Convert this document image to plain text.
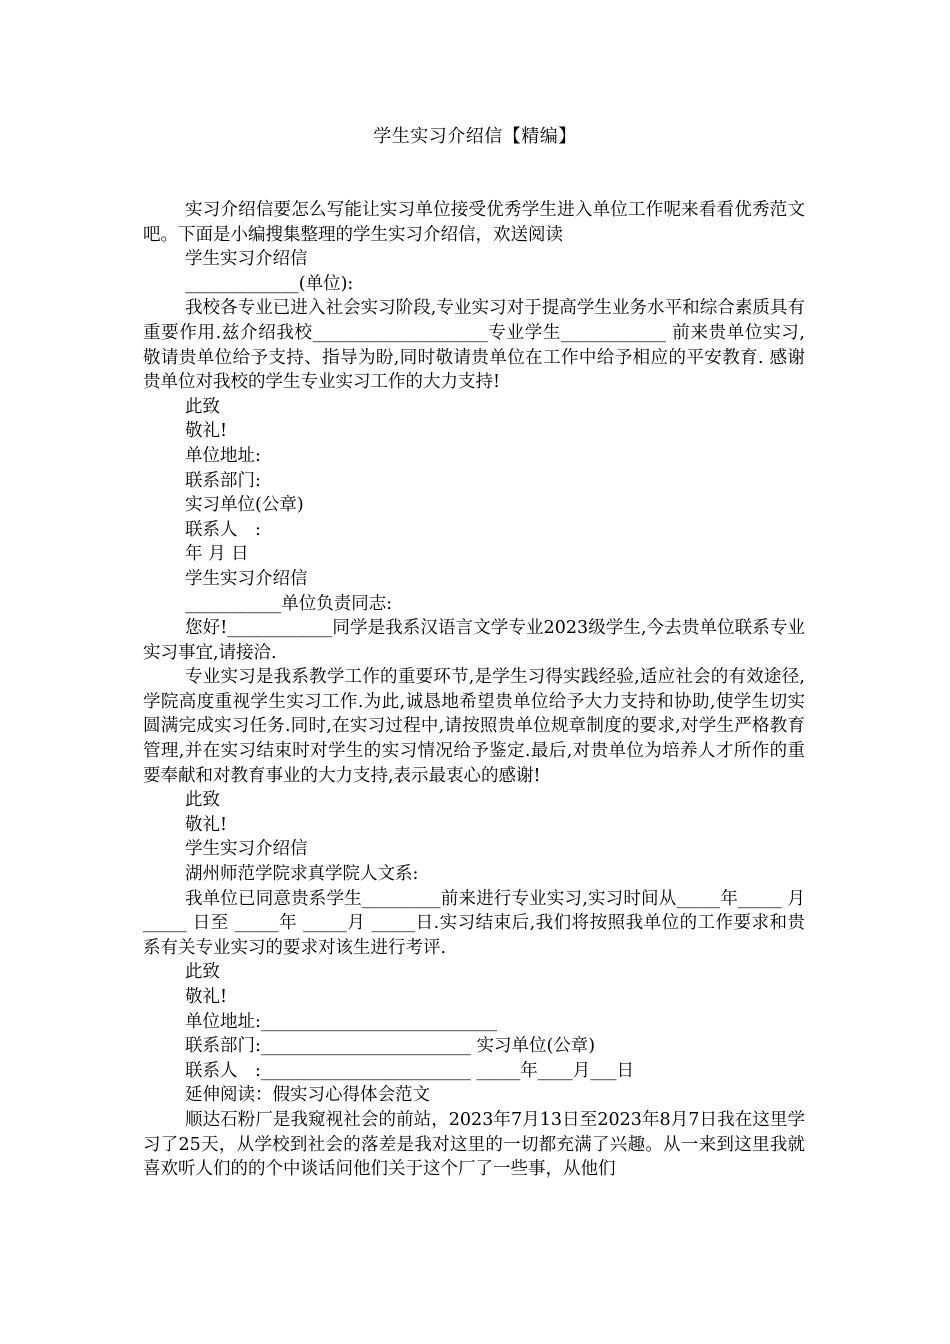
学生实习介绍信【精编】

实习介绍信要怎么写能让实习单位接受优秀学生进入单位工作呢来看看优秀范文吧。下面是小编搜集整理的学生实习介绍信，欢送阅读

学生实习介绍信

_____________(单位):

我校各专业已进入社会实习阶段,专业实习对于提高学生业务水平和综合素质具有重要作用.兹介绍我校____________________专业学生____________ 前来贵单位实习,敬请贵单位给予支持、指导为盼,同时敬请贵单位在工作中给予相应的平安教育. 感谢贵单位对我校的学生专业实习工作的大力支持!

此致

敬礼!

单位地址:

联系部门:

实习单位(公章)

联系人　:

年 月 日

学生实习介绍信

___________单位负责同志:

您好!____________同学是我系汉语言文学专业2023级学生,今去贵单位联系专业实习事宜,请接洽.

专业实习是我系教学工作的重要环节,是学生习得实践经验,适应社会的有效途径,学院高度重视学生实习工作.为此,诚恳地希望贵单位给予大力支持和协助,使学生切实圆满完成实习任务.同时,在实习过程中,请按照贵单位规章制度的要求,对学生严格教育管理,并在实习结束时对学生的实习情况给予鉴定.最后,对贵单位为培养人才所作的重要奉献和对教育事业的大力支持,表示最衷心的感谢!

此致

敬礼!

学生实习介绍信

湖州师范学院求真学院人文系:

我单位已同意贵系学生_________前来进行专业实习,实习时间从_____年_____ 月_____ 日至 _____年 _____月 _____日.实习结束后,我们将按照我单位的工作要求和贵系有关专业实习的要求对该生进行考评.

此致

敬礼!

单位地址:___________________________

联系部门:________________________ 实习单位(公章)

联系人　:________________________ _____年____月___日

延伸阅读：假实习心得体会范文

顺达石粉厂是我窥视社会的前站，2023年7月13日至2023年8月7日我在这里学习了25天，从学校到社会的落差是我对这里的一切都充满了兴趣。从一来到这里我就喜欢听人们的的个中谈话问他们关于这个厂了一些事，从他们
